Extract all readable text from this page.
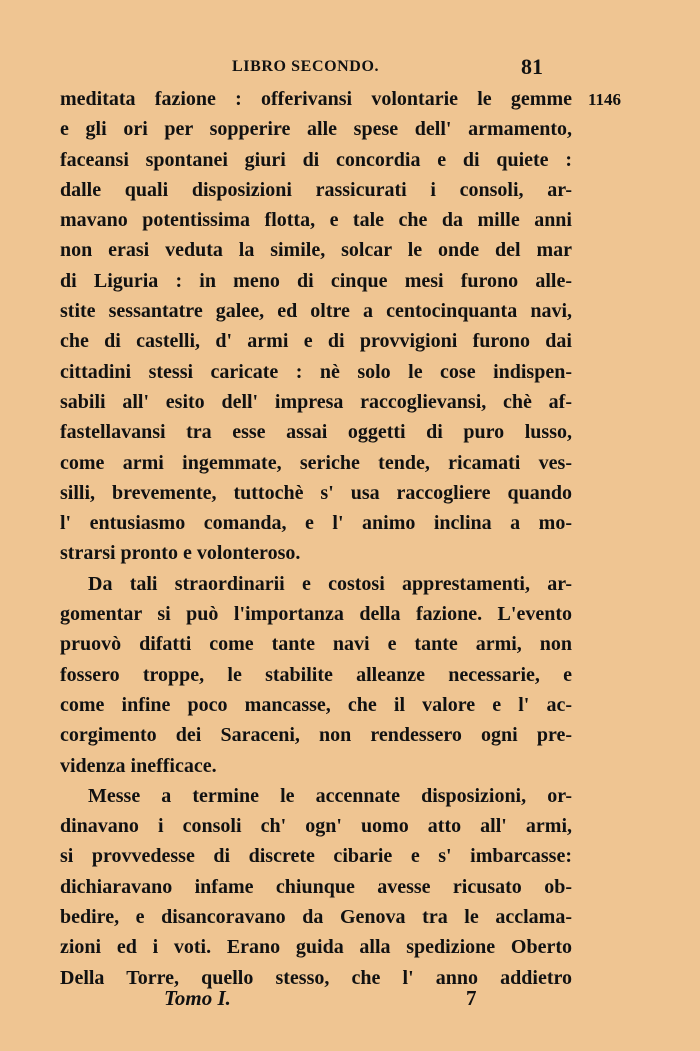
LIBRO SECONDO.	81
1146
meditata fazione : offerivansi volontarie le gemme
e gli ori per sopperire alle spese dell' armamento,
faceansi spontanei giuri di concordia e di quiete :
dalle quali disposizioni rassicurati i consoli, ar-
mavano potentissima flotta, e tale che da mille anni
non erasi veduta la simile, solcar le onde del mar
di Liguria : in meno di cinque mesi furono alle-
stite sessantatre galee, ed oltre a centocinquanta navi,
che di castelli, d' armi e di provvigioni furono dai
cittadini stessi caricate : nè solo le cose indispen-
sabili all' esito dell' impresa raccoglievansi, chè af-
fastellavansi tra esse assai oggetti di puro lusso,
come armi ingemmate, seriche tende, ricamati ves-
silli, brevemente, tuttochè s' usa raccogliere quando
l' entusiasmo comanda, e l' animo inclina a mo-
strarsi pronto e volonteroso.
Da tali straordinarii e costosi apprestamenti, ar-
gomentar si può l'importanza della fazione. L'evento
pruovò difatti come tante navi e tante armi, non
fossero troppe, le stabilite alleanze necessarie, e
come infine poco mancasse, che il valore e l' ac-
corgimento dei Saraceni, non rendessero ogni pre-
videnza inefficace.
Messe a termine le accennate disposizioni, or-
dinavano i consoli ch' ogn' uomo atto all' armi,
si provvedesse di discrete cibarie e s' imbarcasse:
dichiaravano infame chiunque avesse ricusato ob-
bedire, e disancoravano da Genova tra le acclama-
zioni ed i voti. Erano guida alla spedizione Oberto
Della Torre, quello stesso, che l' anno addietro
Tomo I.	7
